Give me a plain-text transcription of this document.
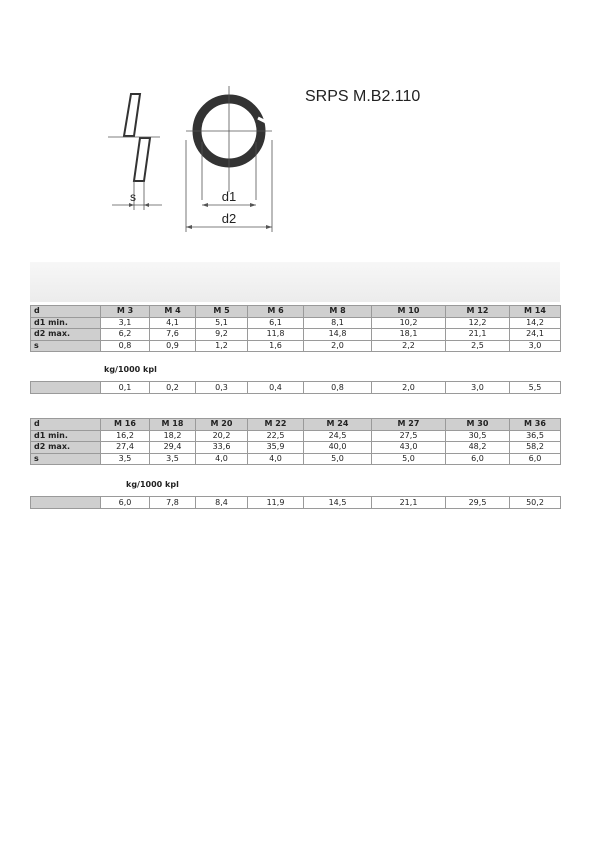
s	d1
d2
SRPS M.B2.110
d	M 3	M 4	M 5	M 6	M 8	M 10	M 12	M 14
d1 min.	3,1	4,1	5,1	6,1	8,1	10,2	12,2	14,2
d2 max.	6,2	7,6	9,2	11,8	14,8	18,1	21,1	24,1
s	0,8	0,9	1,2	1,6	2,0	2,2	2,5	3,0
kg/1000 kpl
	0,1	0,2	0,3	0,4	0,8	2,0	3,0	5,5
d	M 16	M 18	M 20	M 22	M 24	M 27	M 30	M 36
d1 min.	16,2	18,2	20,2	22,5	24,5	27,5	30,5	36,5
d2 max.	27,4	29,4	33,6	35,9	40,0	43,0	48,2	58,2
s	3,5	3,5	4,0	4,0	5,0	5,0	6,0	6,0
kg/1000 kpl
	6,0	7,8	8,4	11,9	14,5	21,1	29,5	50,2
